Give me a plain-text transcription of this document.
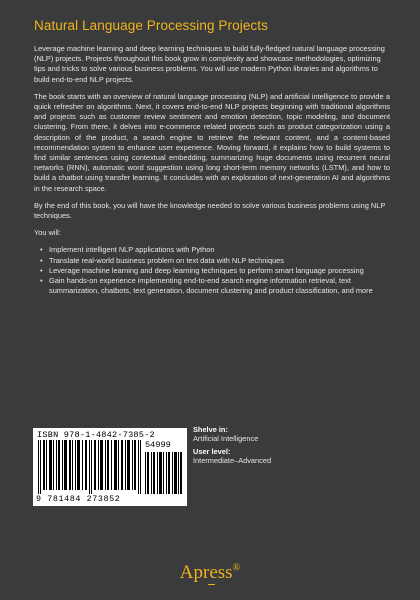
Natural Language Processing Projects

Leverage machine learning and deep learning techniques to build fully-fledged natural language processing (NLP) projects. Projects throughout this book grow in complexity and showcase methodologies, optimizing tips and tricks to solve various business problems. You will use modern Python libraries and algorithms to build end-to-end NLP projects.

The book starts with an overview of natural language processing (NLP) and artificial intelligence to provide a quick refresher on algorithms. Next, it covers end-to-end NLP projects beginning with traditional algorithms and projects such as customer review sentiment and emotion detection, topic modeling, and document clustering. From there, it delves into e-commerce related projects such as product categorization using a description of the product, a search engine to retrieve the relevant content, and a content-based recommendation system to enhance user experience. Moving forward, it explains how to build systems to find similar sentences using contextual embedding, summarizing huge documents using recurrent neural networks (RNN), automatic word suggestion using long short-term memory networks (LSTM), and how to build a chatbot using transfer learning. It concludes with an exploration of next-generation AI and algorithms in the research space.

By the end of this book, you will have the knowledge needed to solve various business problems using NLP techniques.

You will:

• Implement intelligent NLP applications with Python
• Translate real-world business problem on text data with NLP techniques
• Leverage machine learning and deep learning techniques to perform smart language processing
• Gain hands-on experience implementing end-to-end search engine information retrieval, text summarization, chatbots, text generation, document clustering and product classification, and more
ISBN 978-1-4842-7385-2
54999
9 781484 273852
Shelve in:
Artificial Intelligence
User level:
Intermediate–Advanced
Apress®
